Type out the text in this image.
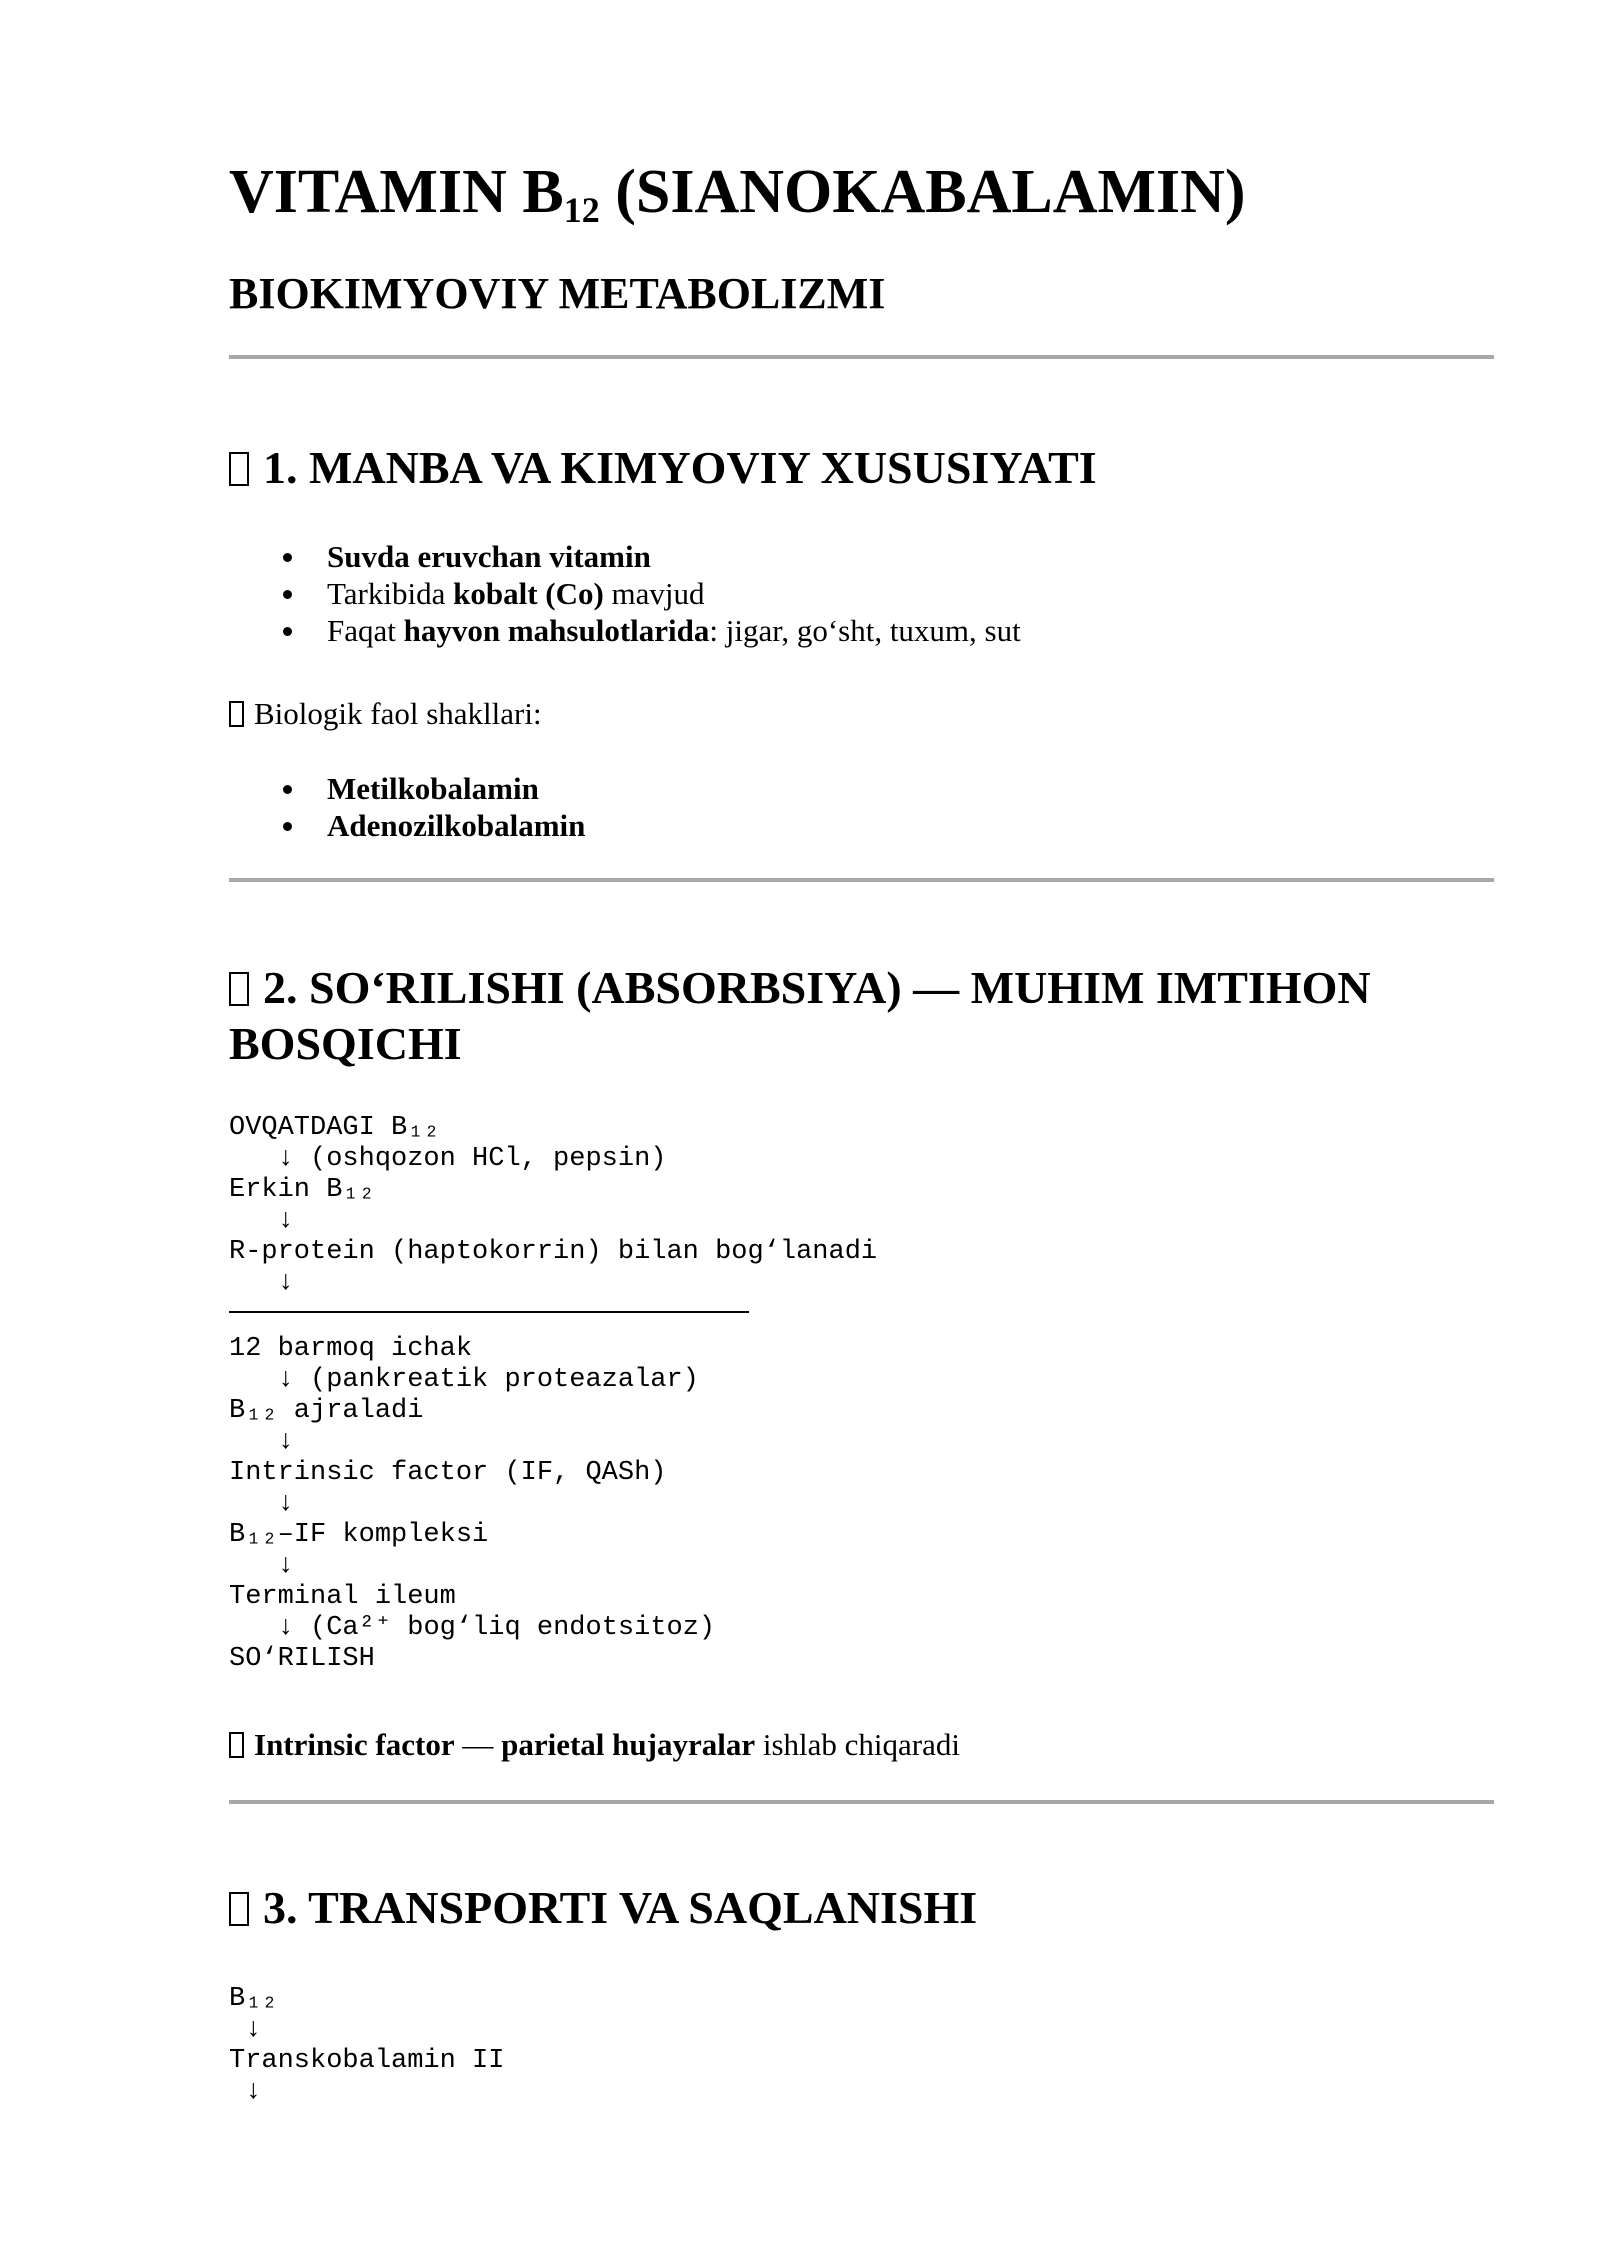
VITAMIN $B_{12}$ (SIANOKABALAMIN)
BIOKIMYOVIY METABOLIZMI
1. MANBA VA KIMYOVIY XUSUSIYATI
Suvda eruvchan vitamin
Tarkibida kobalt (Co) mavjud
Faqat hayvon mahsulotlarida: jigar, go‘sht, tuxum, sut

Biologik faol shakllari:

Metilkobalamin
Adenozilkobalamin
2. SO‘RILISHI (ABSORBSIYA) — MUHIM IMTIHON BOSQICHI
OVQATDAGI B₁₂
↓ (oshqozon HCl, pepsin)
Erkin B₁₂
↓
R-protein (haptokorrin) bilan bog‘lanadi
↓
12 barmoq ichak
↓ (pankreatik proteazalar)
B₁₂ ajraladi
↓
Intrinsic factor (IF, QASh)
↓
B₁₂–IF kompleksi
↓
Terminal ileum
↓ (Ca²⁺ bog‘liq endotsitoz)
SO‘RILISH

Intrinsic factor — parietal hujayralar ishlab chiqaradi

3. TRANSPORTI VA SAQLANISHI
B₁₂
↓
Transkobalamin II
↓
